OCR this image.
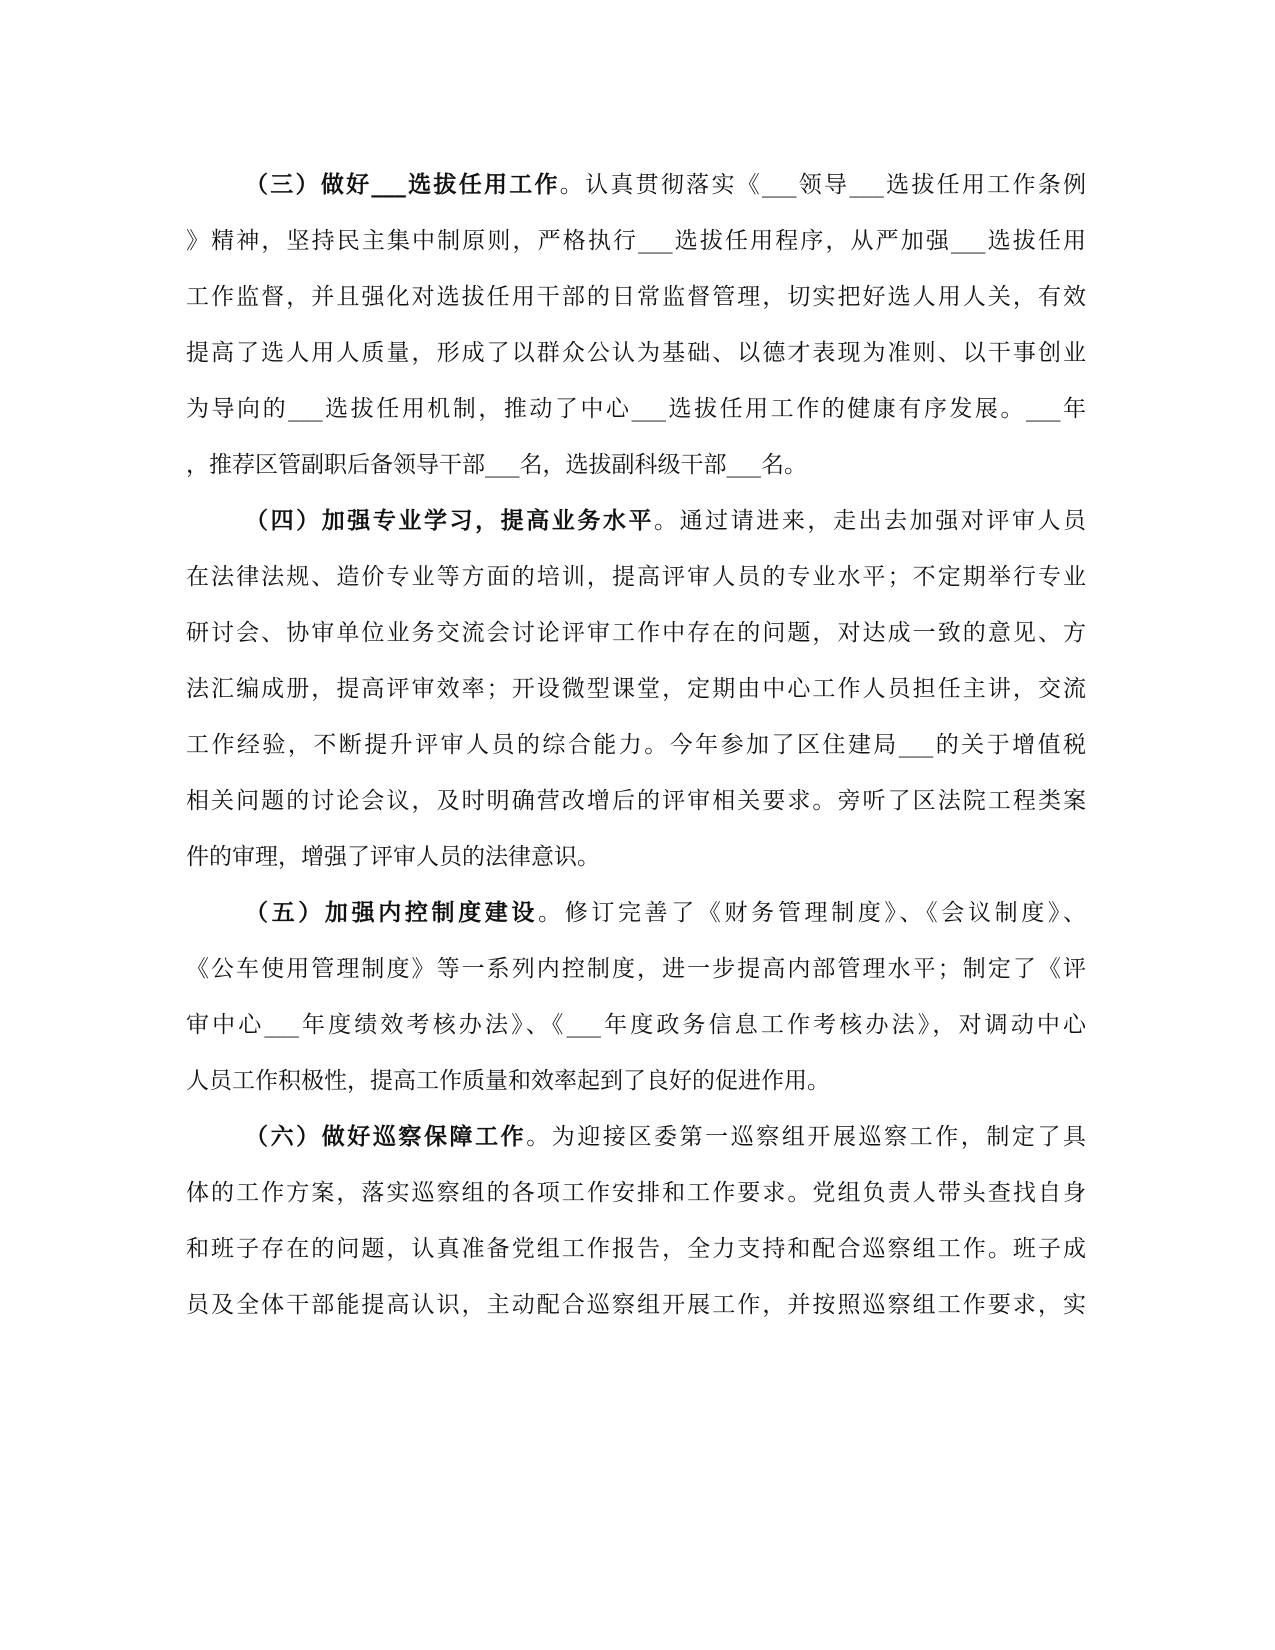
（三）做好___选拔任用工作。认真贯彻落实《___领导___选拔任用工作条例
》精神，坚持民主集中制原则，严格执行___选拔任用程序，从严加强___选拔任用
工作监督，并且强化对选拔任用干部的日常监督管理，切实把好选人用人关，有效
提高了选人用人质量，形成了以群众公认为基础、以德才表现为准则、以干事创业
为导向的___选拔任用机制，推动了中心___选拔任用工作的健康有序发展。___年
，推荐区管副职后备领导干部___名，选拔副科级干部___名。
（四）加强专业学习，提高业务水平。通过请进来，走出去加强对评审人员
在法律法规、造价专业等方面的培训，提高评审人员的专业水平；不定期举行专业
研讨会、协审单位业务交流会讨论评审工作中存在的问题，对达成一致的意见、方
法汇编成册，提高评审效率；开设微型课堂，定期由中心工作人员担任主讲，交流
工作经验，不断提升评审人员的综合能力。今年参加了区住建局___的关于增值税
相关问题的讨论会议，及时明确营改增后的评审相关要求。旁听了区法院工程类案
件的审理，增强了评审人员的法律意识。
（五）加强内控制度建设。修订完善了《财务管理制度》、《会议制度》、
《公车使用管理制度》等一系列内控制度，进一步提高内部管理水平；制定了《评
审中心___年度绩效考核办法》、《___年度政务信息工作考核办法》，对调动中心
人员工作积极性，提高工作质量和效率起到了良好的促进作用。
（六）做好巡察保障工作。为迎接区委第一巡察组开展巡察工作，制定了具
体的工作方案，落实巡察组的各项工作安排和工作要求。党组负责人带头查找自身
和班子存在的问题，认真准备党组工作报告，全力支持和配合巡察组工作。班子成
员及全体干部能提高认识，主动配合巡察组开展工作，并按照巡察组工作要求，实
